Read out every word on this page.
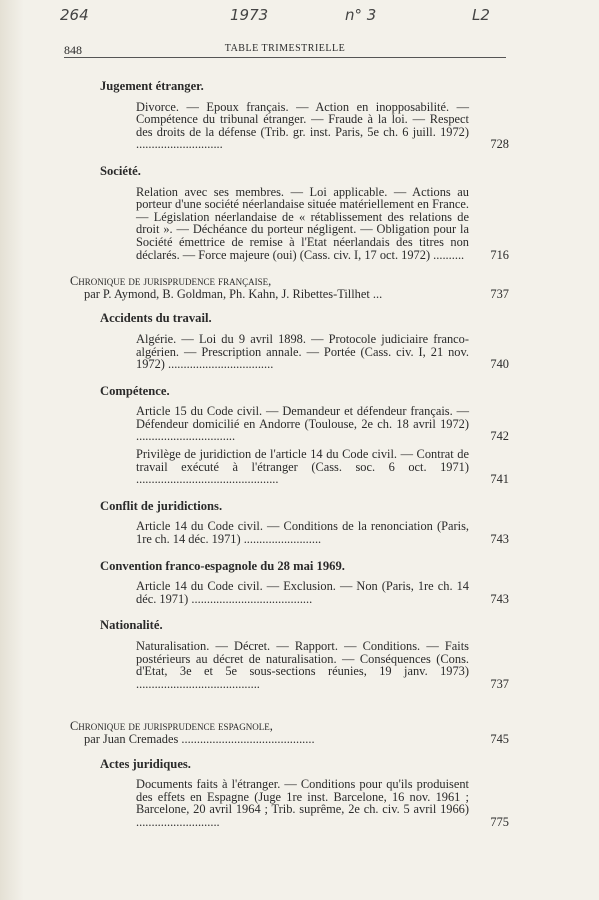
264	1973	n° 3	L2
848	TABLE TRIMESTRIELLE
Jugement étranger.
Divorce. — Epoux français. — Action en inopposabilité. — Compétence du tribunal étranger. — Fraude à la loi. — Respect des droits de la défense (Trib. gr. inst. Paris, 5e ch. 6 juill. 1972) ............................	728
Société.
Relation avec ses membres. — Loi applicable. — Actions au porteur d'une société néerlandaise située matériellement en France. — Législation néerlandaise de « rétablissement des relations de droit ». — Déchéance du porteur négligent. — Obligation pour la Société émettrice de remise à l'Etat néerlandais des titres non déclarés. — Force majeure (oui) (Cass. civ. I, 17 oct. 1972) .......... 716
Chronique de jurisprudence française,
par P. Aymond, B. Goldman, Ph. Kahn, J. Ribettes-Tillhet ...	737
Accidents du travail.
Algérie. — Loi du 9 avril 1898. — Protocole judiciaire franco-algérien. — Prescription annale. — Portée (Cass. civ. I, 21 nov. 1972) ..................................	740
Compétence.
Article 15 du Code civil. — Demandeur et défendeur français. — Défendeur domicilié en Andorre (Toulouse, 2e ch. 18 avril 1972) ................................	742
Privilège de juridiction de l'article 14 du Code civil. — Contrat de travail exécuté à l'étranger (Cass. soc. 6 oct. 1971) ..............................................	741
Conflit de juridictions.
Article 14 du Code civil. — Conditions de la renonciation (Paris, 1re ch. 14 déc. 1971) .........................	743
Convention franco-espagnole du 28 mai 1969.
Article 14 du Code civil. — Exclusion. — Non (Paris, 1re ch. 14 déc. 1971) .......................................	743
Nationalité.
Naturalisation. — Décret. — Rapport. — Conditions. — Faits postérieurs au décret de naturalisation. — Conséquences (Cons. d'Etat, 3e et 5e sous-sections réunies, 19 janv. 1973) ........................................	737
Chronique de jurisprudence espagnole,
par Juan Cremades ...........................................	745
Actes juridiques.
Documents faits à l'étranger. — Conditions pour qu'ils produisent des effets en Espagne (Juge 1re inst. Barcelone, 16 nov. 1961 ; Barcelone, 20 avril 1964 ; Trib. suprême, 2e ch. civ. 5 avril 1966) ...........................	775
